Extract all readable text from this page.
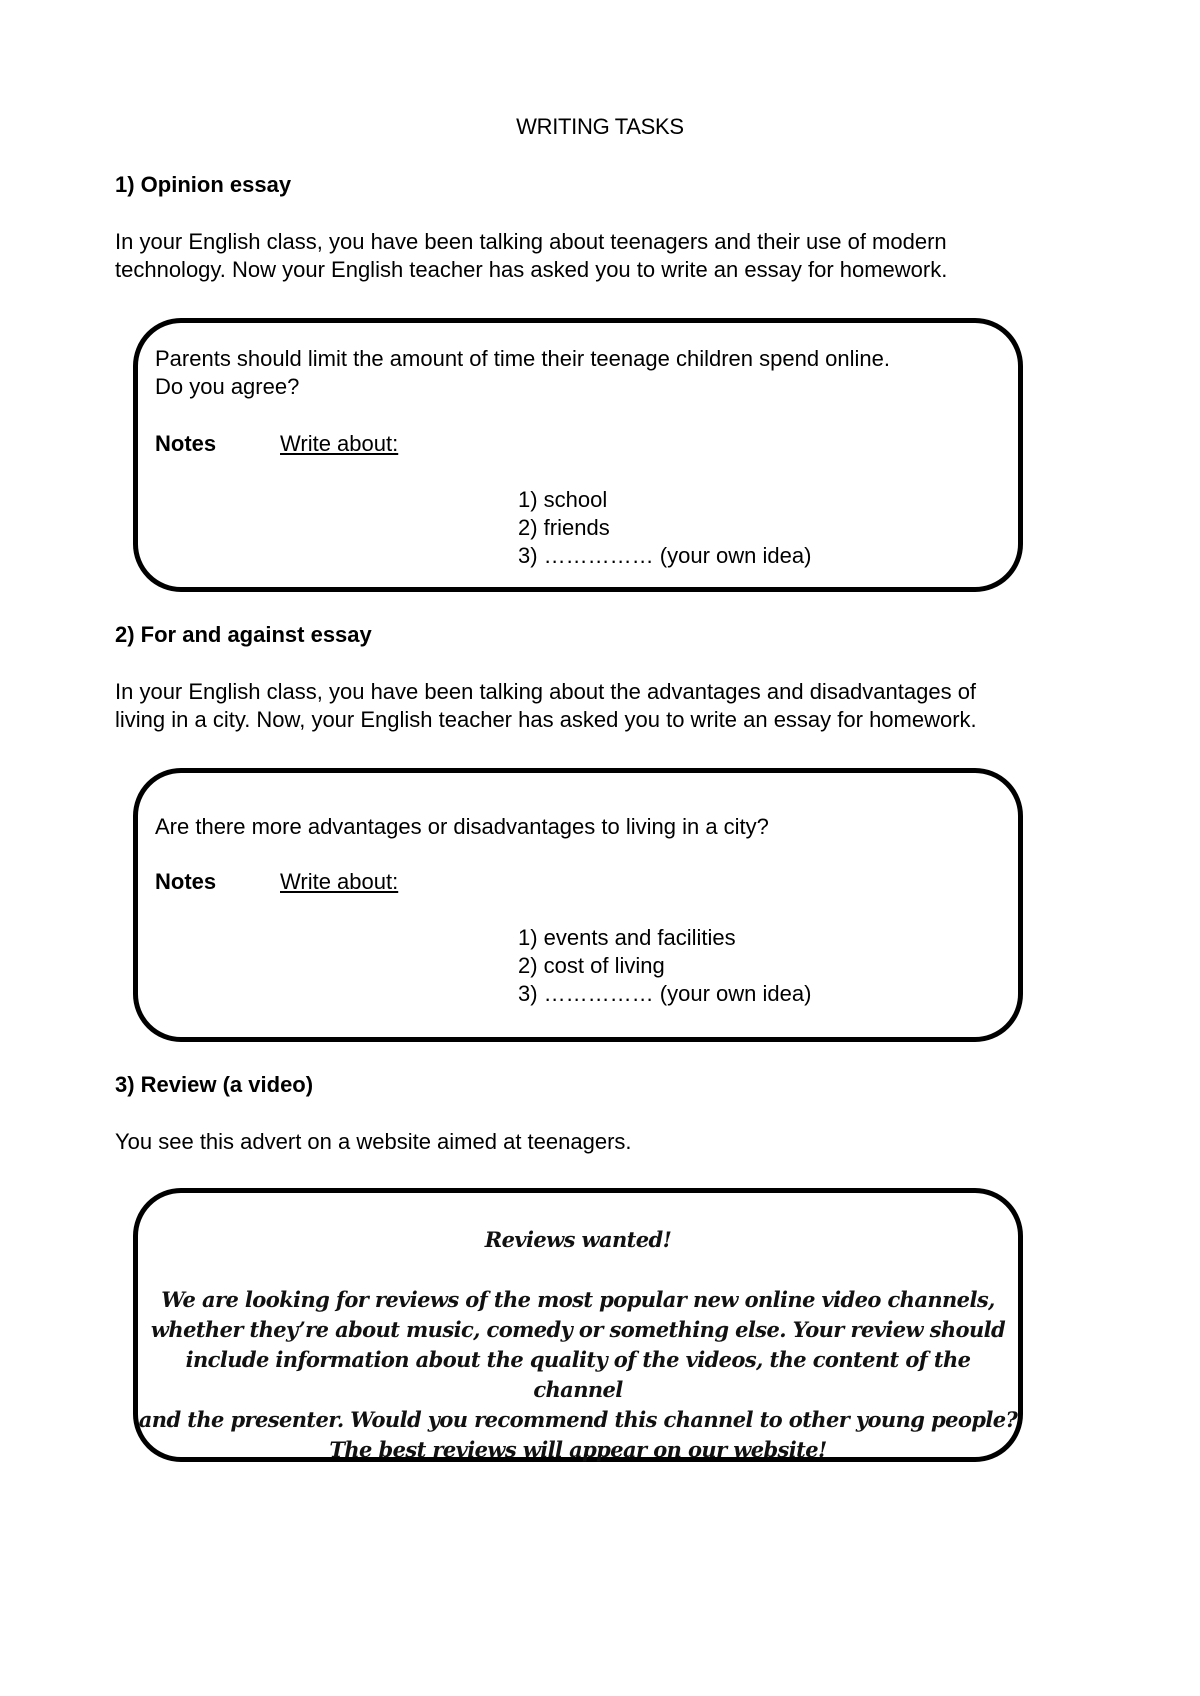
WRITING TASKS
1) Opinion essay
In your English class, you have been talking about teenagers and their use of modern
technology. Now your English teacher has asked you to write an essay for homework.
Parents should limit the amount of time their teenage children spend online.
Do you agree?
Notes	Write about:
1) school
2) friends
3) …………… (your own idea)
2) For and against essay
In your English class, you have been talking about the advantages and disadvantages of
living in a city. Now, your English teacher has asked you to write an essay for homework.
Are there more advantages or disadvantages to living in a city?
Notes	Write about:
1) events and facilities
2) cost of living
3) …………… (your own idea)
3) Review (a video)
You see this advert on a website aimed at teenagers.
Reviews wanted!
We are looking for reviews of the most popular new online video channels,
whether they’re about music, comedy or something else. Your review should
include information about the quality of the videos, the content of the channel
and the presenter. Would you recommend this channel to other young people?
The best reviews will appear on our website!
